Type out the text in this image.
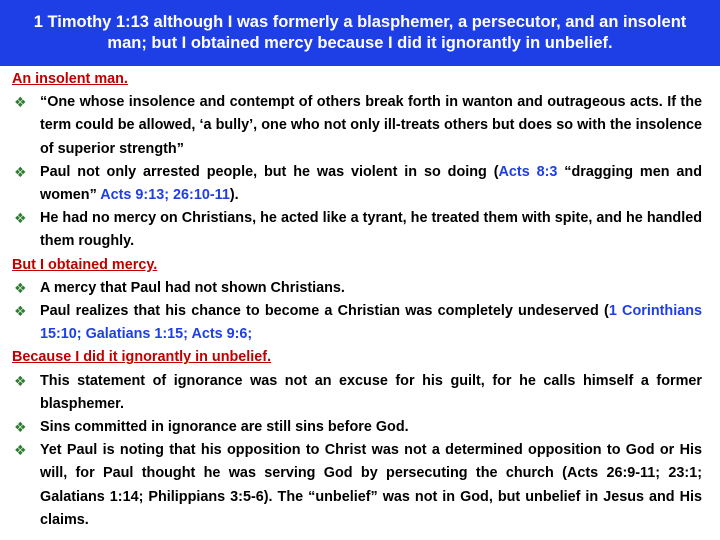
1 Timothy 1:13 although I was formerly a blasphemer, a persecutor, and an insolent
man; but I obtained mercy because I did it ignorantly in unbelief.
An insolent man.
❖ “One whose insolence and contempt of others break forth in wanton and outrageous acts. If the term could be allowed, ‘a bully’, one who not only ill-treats others but does so with the insolence of superior strength”
❖ Paul not only arrested people, but he was violent in so doing (Acts 8:3 “dragging men and women” Acts 9:13; 26:10-11).
❖ He had no mercy on Christians, he acted like a tyrant, he treated them with spite, and he handled them roughly.
But I obtained mercy.
❖ A mercy that Paul had not shown Christians.
❖ Paul realizes that his chance to become a Christian was completely undeserved (1 Corinthians 15:10; Galatians 1:15; Acts 9:6;
Because I did it ignorantly in unbelief.
❖ This statement of ignorance was not an excuse for his guilt, for he calls himself a former blasphemer.
❖ Sins committed in ignorance are still sins before God.
❖ Yet Paul is noting that his opposition to Christ was not a determined opposition to God or His will, for Paul thought he was serving God by persecuting the church (Acts 26:9-11; 23:1; Galatians 1:14; Philippians 3:5-6). The “unbelief” was not in God, but unbelief in Jesus and His claims.
